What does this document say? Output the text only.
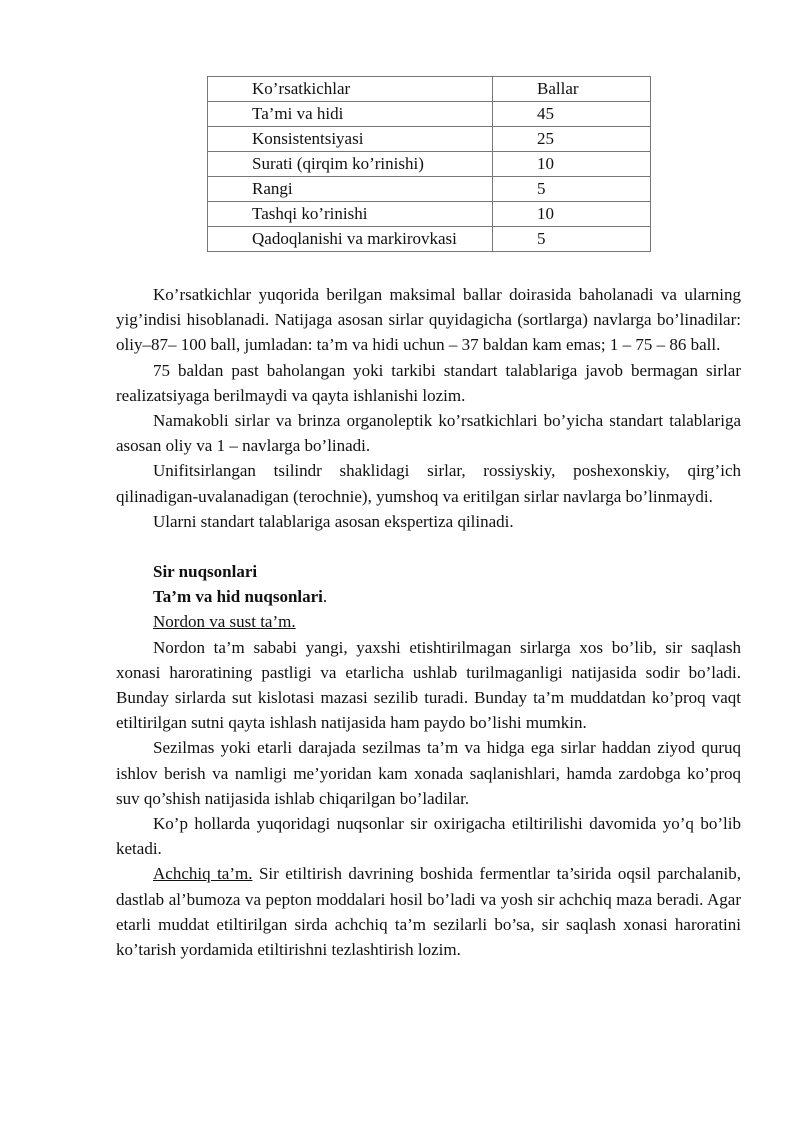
Ko’rsatkichlar	Ballar
Ta’mi va hidi	45
Konsistentsiyasi	25
Surati (qirqim ko’rinishi)	10
Rangi	5
Tashqi ko’rinishi	10
Qadoqlanishi va markirovkasi	5

Ko’rsatkichlar yuqorida berilgan maksimal ballar doirasida baholanadi va ularning yig’indisi hisoblanadi. Natijaga asosan sirlar quyidagicha (sortlarga) navlarga bo’linadilar: oliy–87– 100 ball, jumladan: ta’m va hidi uchun – 37 baldan kam emas; 1 – 75 – 86 ball.

75 baldan past baholangan yoki tarkibi standart talablariga javob bermagan sirlar realizatsiyaga berilmaydi va qayta ishlanishi lozim.

Namakobli sirlar va brinza organoleptik ko’rsatkichlari bo’yicha standart talablariga asosan oliy va 1 – navlarga bo’linadi.

Unifitsirlangan tsilindr shaklidagi sirlar, rossiyskiy, poshexonskiy, qirg’ich qilinadigan-uvalanadigan (terochnie), yumshoq va eritilgan sirlar navlarga bo’linmaydi.

Ularni standart talablariga asosan ekspertiza qilinadi.

Sir nuqsonlari

Ta’m va hid nuqsonlari.

Nordon va sust ta’m.

Nordon ta’m sababi yangi, yaxshi etishtirilmagan sirlarga xos bo’lib, sir saqlash xonasi haroratining pastligi va etarlicha ushlab turilmaganligi natijasida sodir bo’ladi. Bunday sirlarda sut kislotasi mazasi sezilib turadi. Bunday ta’m muddatdan ko’proq vaqt etiltirilgan sutni qayta ishlash natijasida ham paydo bo’lishi mumkin.

Sezilmas yoki etarli darajada sezilmas ta’m va hidga ega sirlar haddan ziyod quruq ishlov berish va namligi me’yoridan kam xonada saqlanishlari, hamda zardobga ko’proq suv qo’shish natijasida ishlab chiqarilgan bo’ladilar.

Ko’p hollarda yuqoridagi nuqsonlar sir oxirigacha etiltirilishi davomida yo’q bo’lib ketadi.

Achchiq ta’m. Sir etiltirish davrining boshida fermentlar ta’sirida oqsil parchalanib, dastlab al’bumoza va pepton moddalari hosil bo’ladi va yosh sir achchiq maza beradi. Agar etarli muddat etiltirilgan sirda achchiq ta’m sezilarli bo’sa, sir saqlash xonasi haroratini ko’tarish yordamida etiltirishni tezlashtirish lozim.
